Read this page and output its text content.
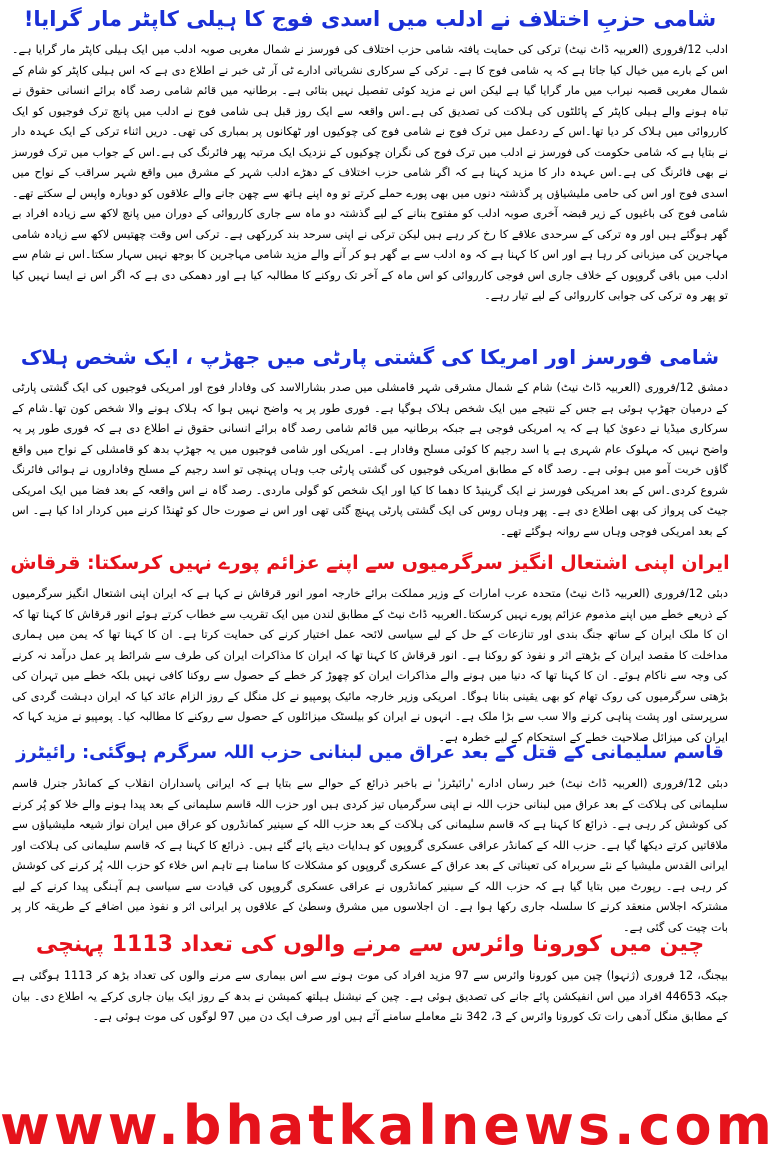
شامی حزبِ اختلاف نے ادلب میں اسدی فوج کا ہیلی کاپٹر مار گرایا!

ادلب 12/فروری (العربیہ ڈاٹ نیٹ) ترکی کی حمایت یافتہ شامی حزب اختلاف کی فورسز نے شمال مغربی صوبہ ادلب میں ایک ہیلی کاپٹر مار گرایا ہے۔اس کے بارے میں خیال کیا جاتا ہے کہ یہ شامی فوج کا ہے۔ ترکی کے سرکاری نشریاتی ادارے ٹی آر ٹی خبر نے اطلاع دی ہے کہ اس ہیلی کاپٹر کو شام کے شمال مغربی قصبہ نیراب میں مار گرایا گیا ہے لیکن اس نے مزید کوئی تفصیل نہیں بتائی ہے۔ برطانیہ میں قائم شامی رصد گاہ برائے انسانی حقوق نے تباہ ہونے والے ہیلی کاپٹر کے پائلٹوں کی ہلاکت کی تصدیق کی ہے۔اس واقعہ سے ایک روز قبل ہی شامی فوج نے ادلب میں پانچ ترک فوجیوں کو ایک کارروائی میں ہلاک کر دیا تھا۔اس کے ردعمل میں ترک فوج نے شامی فوج کی چوکیوں اور ٹھکانوں پر بمباری کی تھی۔ دریں اثناء ترکی کے ایک عہدہ دار نے بتایا ہے کہ شامی حکومت کی فورسز نے ادلب میں ترک فوج کی نگران چوکیوں کے نزدیک ایک مرتبہ پھر فائرنگ کی ہے۔اس کے جواب میں ترک فورسز نے بھی فائرنگ کی ہے۔اس عہدہ دار کا مزید کہنا ہے کہ اگر شامی حزب اختلاف کے دھڑے ادلب شہر کے مشرق میں واقع شہر سراقب کے نواح میں اسدی فوج اور اس کی حامی ملیشیاؤں پر گذشتہ دنوں میں بھی پورے حملے کرتے تو وہ اپنے ہاتھ سے چھن جانے والے علاقوں کو دوبارہ واپس لے سکتے تھے۔شامی فوج کی باغیوں کے زیر قبضہ آخری صوبہ ادلب کو مفتوح بنانے کے لیے گذشتہ دو ماہ سے جاری کارروائی کے دوران میں پانچ لاکھ سے زیادہ افراد بے گھر ہوگئے ہیں اور وہ ترکی کے سرحدی علاقے کا رخ کر رہے ہیں لیکن ترکی نے اپنی سرحد بند کررکھی ہے۔ ترکی اس وقت چھتیس لاکھ سے زیادہ شامی مہاجرین کی میزبانی کر رہا ہے اور اس کا کہنا ہے کہ وہ ادلب سے بے گھر ہو کر آنے والے مزید شامی مہاجرین کا بوجھ نہیں سہار سکتا۔اس نے شام سے ادلب میں باقی گروپوں کے خلاف جاری اس فوجی کارروائی کو اس ماہ کے آخر تک روکنے کا مطالبہ کیا ہے اور دھمکی دی ہے کہ اگر اس نے ایسا نہیں کیا تو پھر وہ ترکی کی جوابی کارروائی کے لیے تیار رہے۔

شامی فورسز اور امریکا کی گشتی پارٹی میں جھڑپ ، ایک شخص ہلاک

دمشق 12/فروری (العربیہ ڈاٹ نیٹ) شام کے شمال مشرقی شہر قامشلی میں صدر بشارالاسد کی وفادار فوج اور امریکی فوجیوں کی ایک گشتی پارٹی کے درمیان جھڑپ ہوئی ہے جس کے نتیجے میں ایک شخص ہلاک ہوگیا ہے۔ فوری طور پر یہ واضح نہیں ہوا کہ ہلاک ہونے والا شخص کون تھا۔شام کے سرکاری میڈیا نے دعویٰ کیا ہے کہ یہ امریکی فوجی ہے جبکہ برطانیہ میں قائم شامی رصد گاہ برائے انسانی حقوق نے اطلاع دی ہے کہ فوری طور پر یہ واضح نہیں کہ مہلوک عام شہری ہے یا اسد رجیم کا کوئی مسلح وفادار ہے۔ امریکی اور شامی فوجیوں میں یہ جھڑپ بدھ کو قامشلی کے نواح میں واقع گاؤں خربت آمو میں ہوئی ہے۔ رصد گاہ کے مطابق امریکی فوجیوں کی گشتی پارٹی جب وہاں پہنچی تو اسد رجیم کے مسلح وفاداروں نے ہوائی فائرنگ شروع کردی۔اس کے بعد امریکی فورسز نے ایک گرینیڈ کا دھما کا کیا اور ایک شخص کو گولی ماردی۔ رصد گاہ نے اس واقعہ کے بعد فضا میں ایک امریکی جیٹ کی پرواز کی بھی اطلاع دی ہے۔ پھر وہاں روس کی ایک گشتی پارٹی پہنچ گئی تھی اور اس نے صورت حال کو ٹھنڈا کرنے میں کردار ادا کیا ہے۔ اس کے بعد امریکی فوجی وہاں سے روانہ ہوگئے تھے۔

ایران اپنی اشتعال انگیز سرگرمیوں سے اپنے عزائم پورے نہیں کرسکتا: قرقاش

دبئی 12/فروری (العربیہ ڈاٹ نیٹ) متحدہ عرب امارات کے وزیر مملکت برائے خارجہ امور انور قرقاش نے کہا ہے کہ ایران اپنی اشتعال انگیز سرگرمیوں کے ذریعے خطے میں اپنے مذموم عزائم پورے نہیں کرسکتا۔العربیہ ڈاٹ نیٹ کے مطابق لندن میں ایک تقریب سے خطاب کرتے ہوئے انور قرقاش کا کہنا تھا کہ ان کا ملک ایران کے ساتھ جنگ بندی اور تنازعات کے حل کے لیے سیاسی لائحہ عمل اختیار کرنے کی حمایت کرتا ہے۔ ان کا کہنا تھا کہ یمن میں ہماری مداخلت کا مقصد ایران کے بڑھتے اثر و نفوذ کو روکنا ہے۔ انور قرقاش کا کہنا تھا کہ ایران کا مذاکرات ایران کی طرف سے شرائط پر عمل درآمد نہ کرنے کی وجہ سے ناکام ہوئے۔ ان کا کہنا تھا کہ دنیا میں ہونے والے مذاکرات ایران کو چھوڑ کر خطے کے حصول سے روکنا کافی نہیں بلکہ خطے میں تہران کی بڑھتی سرگرمیوں کی روک تھام کو بھی یقینی بنانا ہوگا۔ امریکی وزیر خارجہ مائیک پومپیو نے کل منگل کے روز الزام عائد کیا کہ ایران دہشت گردی کی سرپرستی اور پشت پناہی کرنے والا سب سے بڑا ملک ہے۔ انہوں نے ایران کو بیلسٹک میزائلوں کے حصول سے روکنے کا مطالبہ کیا۔ پومپیو نے مزید کہا کہ ایران کی میزائل صلاحیت خطے کے استحکام کے لیے خطرہ ہے۔

قاسم سلیمانی کے قتل کے بعد عراق میں لبنانی حزب اللہ سرگرم ہوگئی: رائیٹرز

دبئی 12/فروری (العربیہ ڈاٹ نیٹ) خبر رساں ادارے 'رائیٹرز' نے باخبر ذرائع کے حوالے سے بتایا ہے کہ ایرانی پاسداران انقلاب کے کمانڈر جنرل قاسم سلیمانی کی ہلاکت کے بعد عراق میں لبنانی حزب اللہ نے اپنی سرگرمیاں تیز کردی ہیں اور حزب اللہ قاسم سلیمانی کے بعد پیدا ہونے والے خلا کو پُر کرنے کی کوشش کر رہی ہے۔ ذرائع کا کہنا ہے کہ قاسم سلیمانی کی ہلاکت کے بعد حزب اللہ کے سینیر کمانڈروں کو عراق میں ایران نواز شیعہ ملیشیاؤں سے ملاقاتیں کرتے دیکھا گیا ہے۔ حزب اللہ کے کمانڈر عراقی عسکری گروپوں کو ہدایات دیتے پائے گئے ہیں۔ ذرائع کا کہنا ہے کہ قاسم سلیمانی کی ہلاکت اور ایرانی القدس ملیشیا کے نئے سربراہ کی تعیناتی کے بعد عراق کے عسکری گروپوں کو مشکلات کا سامنا ہے تاہم اس خلاء کو حزب اللہ پُر کرنے کی کوشش کر رہی ہے۔ رپورٹ میں بتایا گیا ہے کہ حزب اللہ کے سینیر کمانڈروں نے عراقی عسکری گروپوں کی قیادت سے سیاسی ہم آہنگی پیدا کرنے کے لیے مشترکہ اجلاس منعقد کرنے کا سلسلہ جاری رکھا ہوا ہے۔ ان اجلاسوں میں مشرق وسطیٰ کے علاقوں پر ایرانی اثر و نفوذ میں اضافے کے طریقہ کار پر بات چیت کی گئی ہے۔

چین میں کورونا وائرس سے مرنے والوں کی تعداد 1113 پہنچی

بیجنگ، 12 فروری (ژنہوا) چین میں کورونا وائرس سے 97 مزید افراد کی موت ہونے سے اس بیماری سے مرنے والوں کی تعداد بڑھ کر 1113 ہوگئی ہے جبکہ 44653 افراد میں اس انفیکشن پائے جانے کی تصدیق ہوئی ہے۔ چین کے نیشنل ہیلتھ کمیشن نے بدھ کے روز ایک بیان جاری کرکے یہ اطلاع دی۔ بیان کے مطابق منگل آدھی رات تک کورونا وائرس کے 3، 342 نئے معاملے سامنے آئے ہیں اور صرف ایک دن میں 97 لوگوں کی موت ہوئی ہے۔

www.bhatkalnews.com
